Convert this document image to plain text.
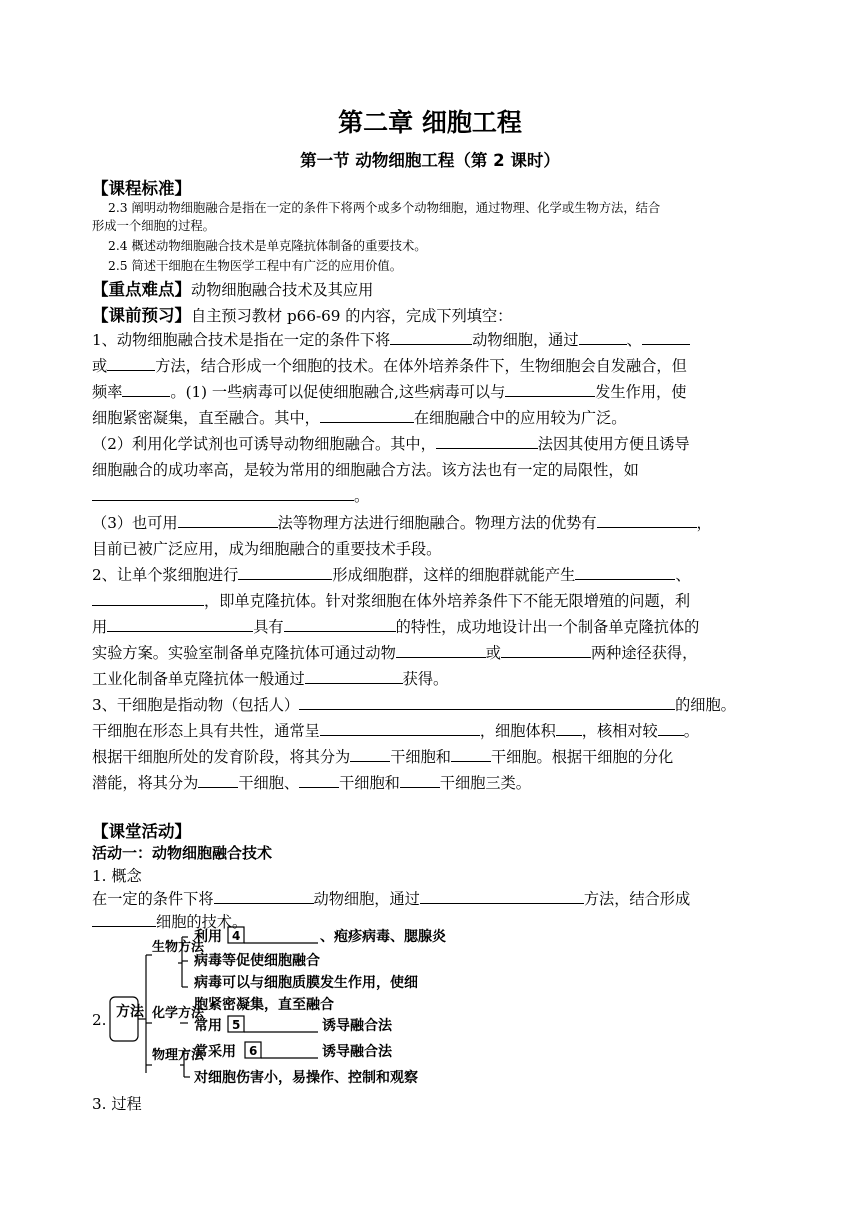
第二章 细胞工程
第一节 动物细胞工程（第 2 课时）
【课程标准】
2.3 阐明动物细胞融合是指在一定的条件下将两个或多个动物细胞，通过物理、化学或生物方法，结合
形成一个细胞的过程。
2.4 概述动物细胞融合技术是单克隆抗体制备的重要技术。
2.5 简述干细胞在生物医学工程中有广泛的应用价值。
【重点难点】动物细胞融合技术及其应用
【课前预习】自主预习教材 p66-69 的内容，完成下列填空：
1、动物细胞融合技术是指在一定的条件下将	动物细胞，通过	、
或	方法，结合形成一个细胞的技术。在体外培养条件下，生物细胞会自发融合，但
频率	。(1) 一些病毒可以促使细胞融合,这些病毒可以与	发生作用，使
细胞紧密凝集，直至融合。其中，	在细胞融合中的应用较为广泛。
（2）利用化学试剂也可诱导动物细胞融合。其中，	法因其使用方便且诱导
细胞融合的成功率高，是较为常用的细胞融合方法。该方法也有一定的局限性，如
。
（3）也可用	法等物理方法进行细胞融合。物理方法的优势有	，
目前已被广泛应用，成为细胞融合的重要技术手段。
2、让单个浆细胞进行	形成细胞群，这样的细胞群就能产生	、
，即单克隆抗体。针对浆细胞在体外培养条件下不能无限增殖的问题，利
用	具有	的特性，成功地设计出一个制备单克隆抗体的
实验方案。实验室制备单克隆抗体可通过动物	或	两种途径获得，
工业化制备单克隆抗体一般通过	获得。
3、干细胞是指动物（包括人）	的细胞。
干细胞在形态上具有共性，通常呈	，细胞体积 ，核相对较 。
根据干细胞所处的发育阶段，将其分为	干细胞和	干细胞。根据干细胞的分化
潜能，将其分为	干细胞、	干细胞和	干细胞三类。
【课堂活动】
活动一：动物细胞融合技术
1. 概念
在一定的条件下将	动物细胞，通过	方法，结合形成
细胞的技术。
2. 方法
生物方法
化学方法
物理方法
利用 4	、疱疹病毒、腮腺炎
病毒等促使细胞融合
病毒可以与细胞质膜发生作用，使细
胞紧密凝集，直至融合
常用 5	诱导融合法
常采用 6	诱导融合法
对细胞伤害小，易操作、控制和观察
3. 过程
